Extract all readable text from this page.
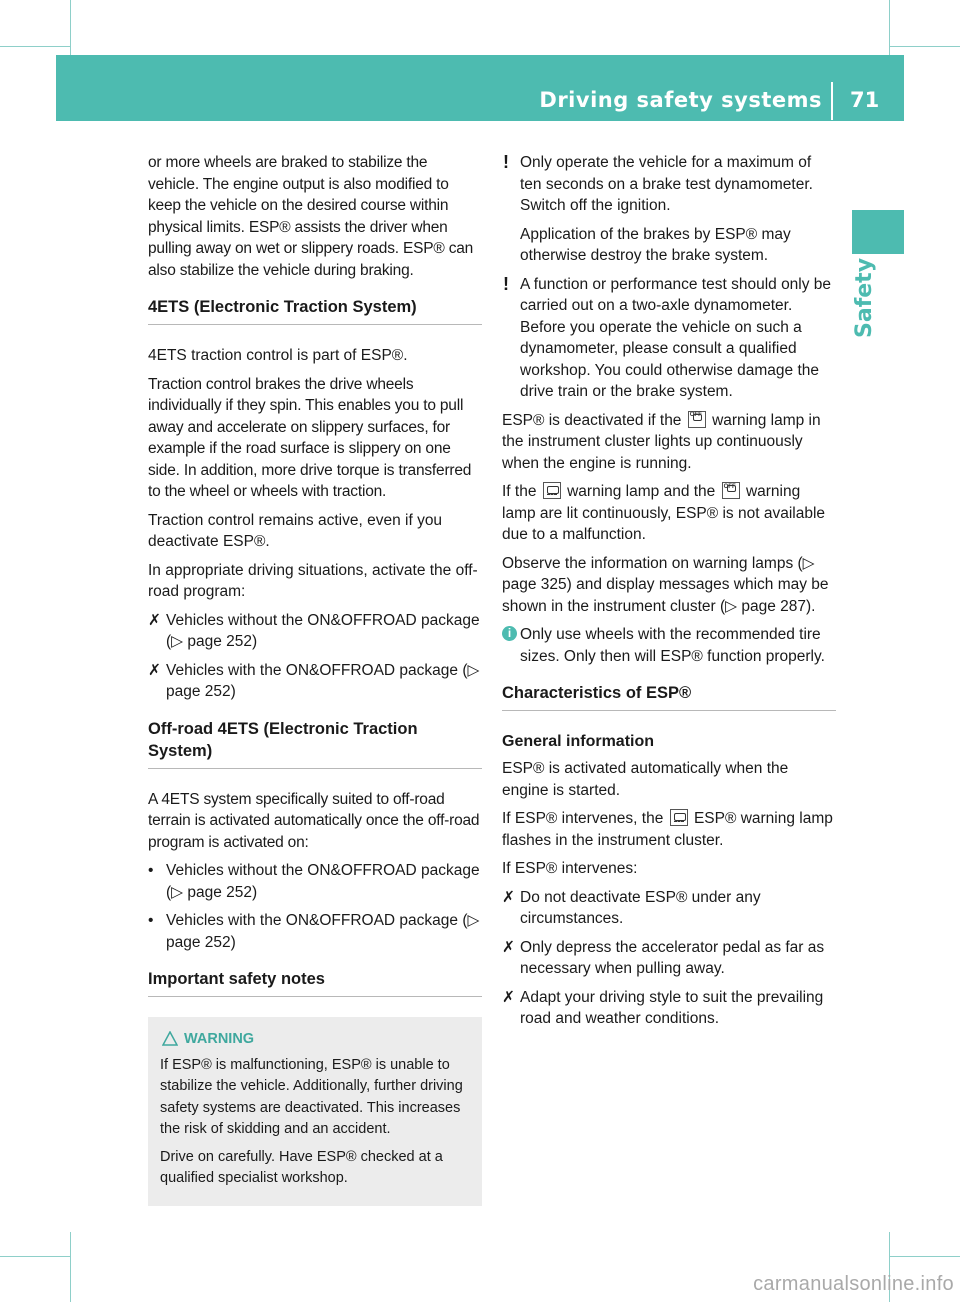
Driving safety systems 71
Safety

or more wheels are braked to stabilize the vehicle. The engine output is also modified to keep the vehicle on the desired course within physical limits. ESP® assists the driver when pulling away on wet or slippery roads. ESP® can also stabilize the vehicle during braking.

4ETS (Electronic Traction System)

4ETS traction control is part of ESP®.

Traction control brakes the drive wheels individually if they spin. This enables you to pull away and accelerate on slippery surfaces, for example if the road surface is slippery on one side. In addition, more drive torque is transferred to the wheel or wheels with traction.

Traction control remains active, even if you deactivate ESP®.

In appropriate driving situations, activate the off-road program:

✗ Vehicles without the ON&OFFROAD package (▷ page 252)
✗ Vehicles with the ON&OFFROAD package (▷ page 252)
Off-road 4ETS (Electronic Traction System)

A 4ETS system specifically suited to off-road terrain is activated automatically once the off-road program is activated on:

• Vehicles without the ON&OFFROAD package (▷ page 252)
• Vehicles with the ON&OFFROAD package (▷ page 252)
Important safety notes
WARNING

If ESP® is malfunctioning, ESP® is unable to stabilize the vehicle. Additionally, further driving safety systems are deactivated. This increases the risk of skidding and an accident.

Drive on carefully. Have ESP® checked at a qualified specialist workshop.

! Only operate the vehicle for a maximum of ten seconds on a brake test dynamometer. Switch off the ignition.
Application of the brakes by ESP® may otherwise destroy the brake system.
! A function or performance test should only be carried out on a two-axle dynamometer. Before you operate the vehicle on such a dynamometer, please consult a qualified workshop. You could otherwise damage the drive train or the brake system.

ESP® is deactivated if the OFF warning lamp in the instrument cluster lights up continuously when the engine is running.

If the warning lamp and the OFF warning lamp are lit continuously, ESP® is not available due to a malfunction.

Observe the information on warning lamps (▷ page 325) and display messages which may be shown in the instrument cluster (▷ page 287).

i Only use wheels with the recommended tire sizes. Only then will ESP® function properly.
Characteristics of ESP®
General information

ESP® is activated automatically when the engine is started.

If ESP® intervenes, the ESP® warning lamp flashes in the instrument cluster.

If ESP® intervenes:

✗ Do not deactivate ESP® under any circumstances.
✗ Only depress the accelerator pedal as far as necessary when pulling away.
✗ Adapt your driving style to suit the prevailing road and weather conditions.
carmanualsonline.info
